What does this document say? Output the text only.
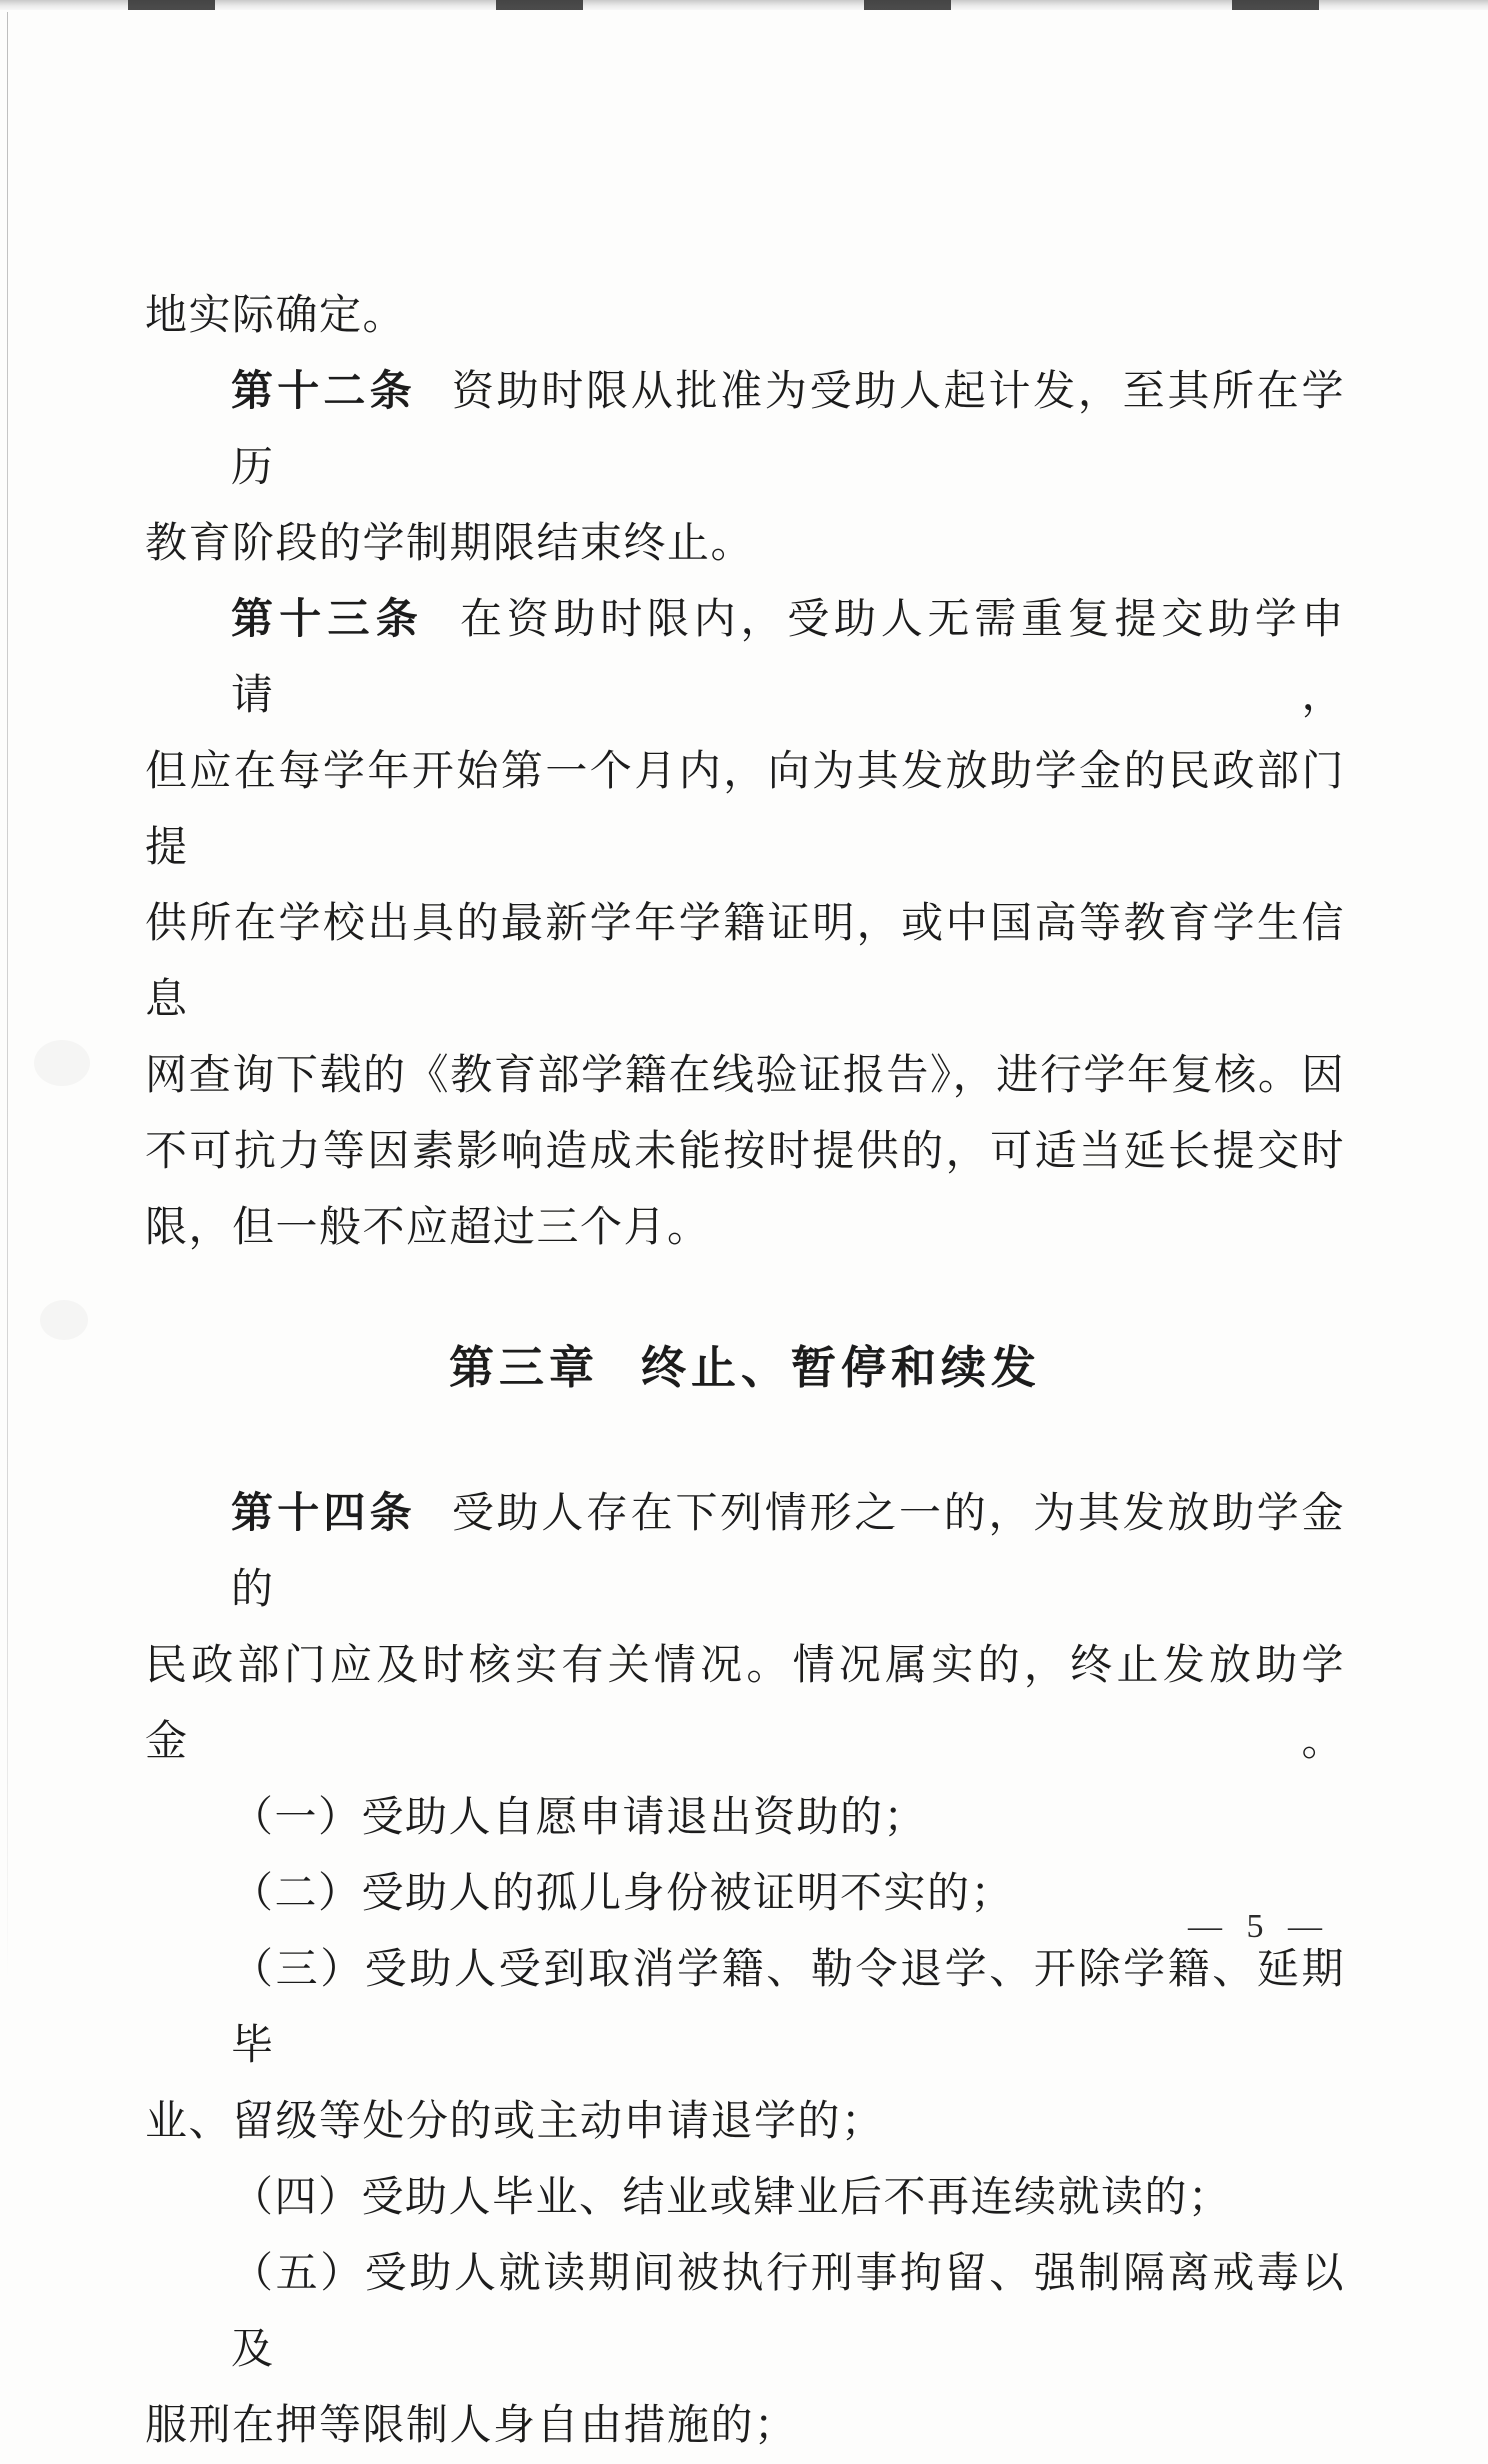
地实际确定。
第十二条 资助时限从批准为受助人起计发，至其所在学历
教育阶段的学制期限结束终止。
第十三条 在资助时限内，受助人无需重复提交助学申请，
但应在每学年开始第一个月内，向为其发放助学金的民政部门提
供所在学校出具的最新学年学籍证明，或中国高等教育学生信息
网查询下载的《教育部学籍在线验证报告》，进行学年复核。因
不可抗力等因素影响造成未能按时提供的，可适当延长提交时
限，但一般不应超过三个月。
第三章 终止、暂停和续发
第十四条 受助人存在下列情形之一的，为其发放助学金的
民政部门应及时核实有关情况。情况属实的，终止发放助学金。
（一）受助人自愿申请退出资助的；
（二）受助人的孤儿身份被证明不实的；
（三）受助人受到取消学籍、勒令退学、开除学籍、延期毕
业、留级等处分的或主动申请退学的；
（四）受助人毕业、结业或肄业后不再连续就读的；
（五）受助人就读期间被执行刑事拘留、强制隔离戒毒以及
服刑在押等限制人身自由措施的；
— 5 —
